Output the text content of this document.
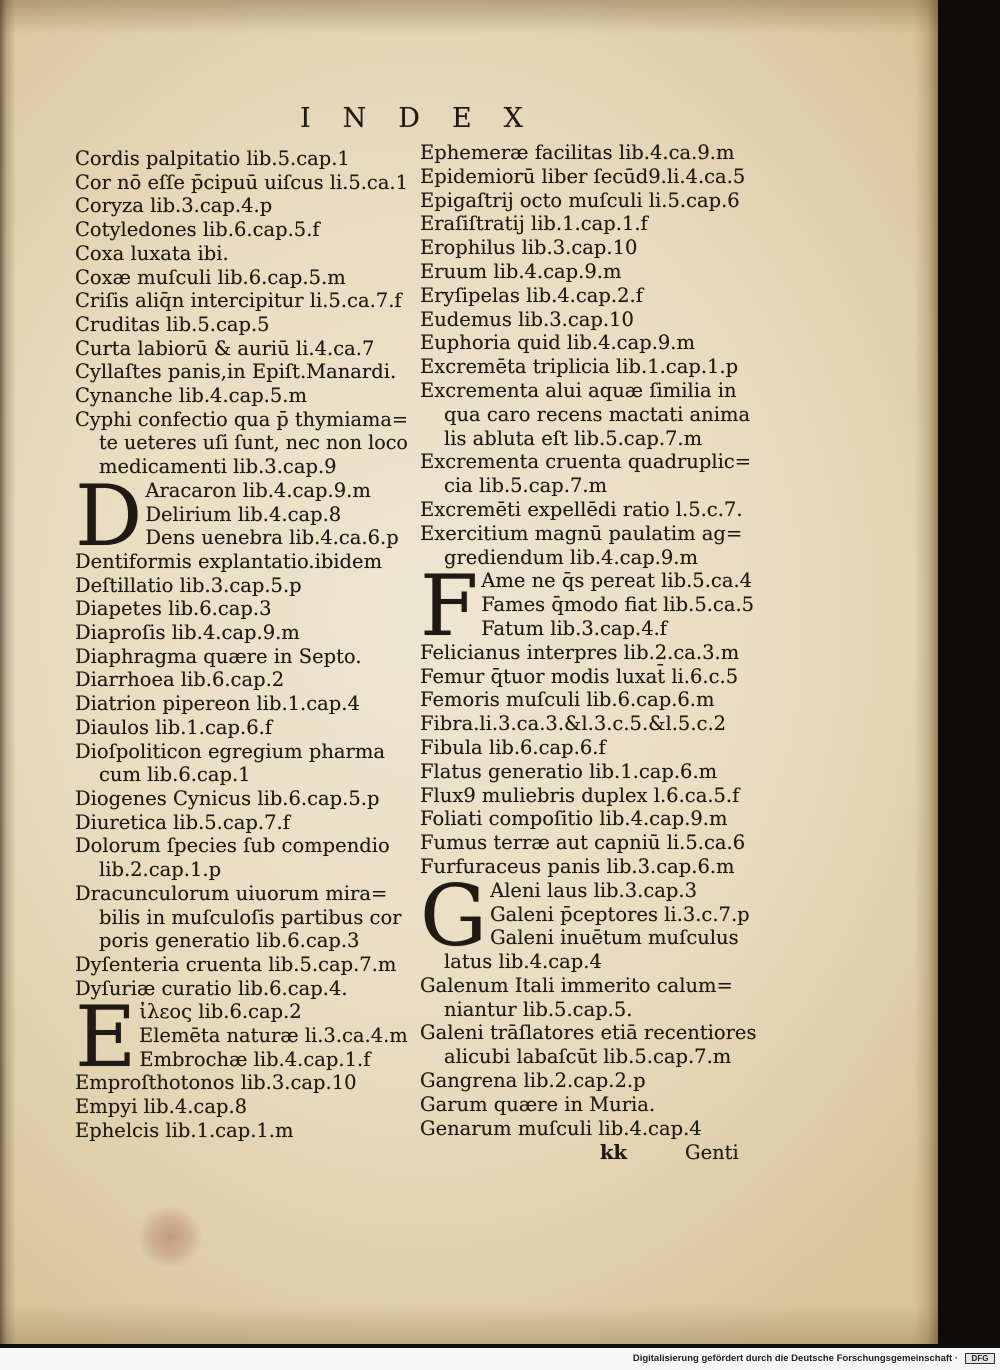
INDEX
Cordis palpitatio lib.5.cap.1
Cor nō eſſe p̄cipuū uiſcus li.5.ca.1
Coryza lib.3.cap.4.p
Cotyledones lib.6.cap.5.f
Coxa luxata ibi.
Coxæ muſculi lib.6.cap.5.m
Criſis aliq̄n intercipitur li.5.ca.7.f
Cruditas lib.5.cap.5
Curta labiorū & auriū li.4.ca.7
Cyllaſtes panis,in Epiſt.Manardi.
Cynanche lib.4.cap.5.m
Cyphi confectio qua p̄ thymiama=
te ueteres uſi ſunt, nec non loco
medicamenti lib.3.cap.9
D Aracaron lib.4.cap.9.m
Delirium lib.4.cap.8
Dens uenebra lib.4.ca.6.p
Dentiformis explantatio.ibidem
Deſtillatio lib.3.cap.5.p
Diapetes lib.6.cap.3
Diaproſis lib.4.cap.9.m
Diaphragma quære in Septo.
Diarrhoea lib.6.cap.2
Diatrion pipereon lib.1.cap.4
Diaulos lib.1.cap.6.f
Dioſpoliticon egregium pharma
cum lib.6.cap.1
Diogenes Cynicus lib.6.cap.5.p
Diuretica lib.5.cap.7.f
Dolorum ſpecies ſub compendio
lib.2.cap.1.p
Dracunculorum uiuorum mira=
bilis in muſculoſis partibus cor
poris generatio lib.6.cap.3
Dyſenteria cruenta lib.5.cap.7.m
Dyſuriæ curatio lib.6.cap.4.
E ἰλεος lib.6.cap.2
Elemēta naturæ li.3.ca.4.m
Embrochæ lib.4.cap.1.f
Emproſthotonos lib.3.cap.10
Empyi lib.4.cap.8
Ephelcis lib.1.cap.1.m
Ephemeræ facilitas lib.4.ca.9.m
Epidemiorū liber ſecūd9.li.4.ca.5
Epigaſtrij octo muſculi li.5.cap.6
Eraſiſtratij lib.1.cap.1.f
Erophilus lib.3.cap.10
Eruum lib.4.cap.9.m
Eryſipelas lib.4.cap.2.f
Eudemus lib.3.cap.10
Euphoria quid lib.4.cap.9.m
Excremēta triplicia lib.1.cap.1.p
Excrementa alui aquæ ſimilia in
qua caro recens mactati anima
lis abluta eſt lib.5.cap.7.m
Excrementa cruenta quadruplic=
cia lib.5.cap.7.m
Excremēti expellēdi ratio l.5.c.7.
Exercitium magnū paulatim ag=
grediendum lib.4.cap.9.m
F Ame ne q̄s pereat lib.5.ca.4
Fames q̄modo fiat lib.5.ca.5
Fatum lib.3.cap.4.f
Felicianus interpres lib.2.ca.3.m
Femur q̄tuor modis luxat̄ li.6.c.5
Femoris muſculi lib.6.cap.6.m
Fibra.li.3.ca.3.&l.3.c.5.&l.5.c.2
Fibula lib.6.cap.6.f
Flatus generatio lib.1.cap.6.m
Flux9 muliebris duplex l.6.ca.5.f
Foliati compoſitio lib.4.cap.9.m
Fumus terræ aut capniū li.5.ca.6
Furfuraceus panis lib.3.cap.6.m
G Aleni laus lib.3.cap.3
Galeni p̄ceptores li.3.c.7.p
Galeni inuētum muſculus
latus lib.4.cap.4
Galenum Itali immerito calum=
niantur lib.5.cap.5.
Galeni trāſlatores etiā recentiores
alicubi labaſcūt lib.5.cap.7.m
Gangrena lib.2.cap.2.p
Garum quære in Muria.
Genarum muſculi lib.4.cap.4
kk	Genti
Digitalisierung gefördert durch die Deutsche Forschungsgemeinschaft ·	DFG
